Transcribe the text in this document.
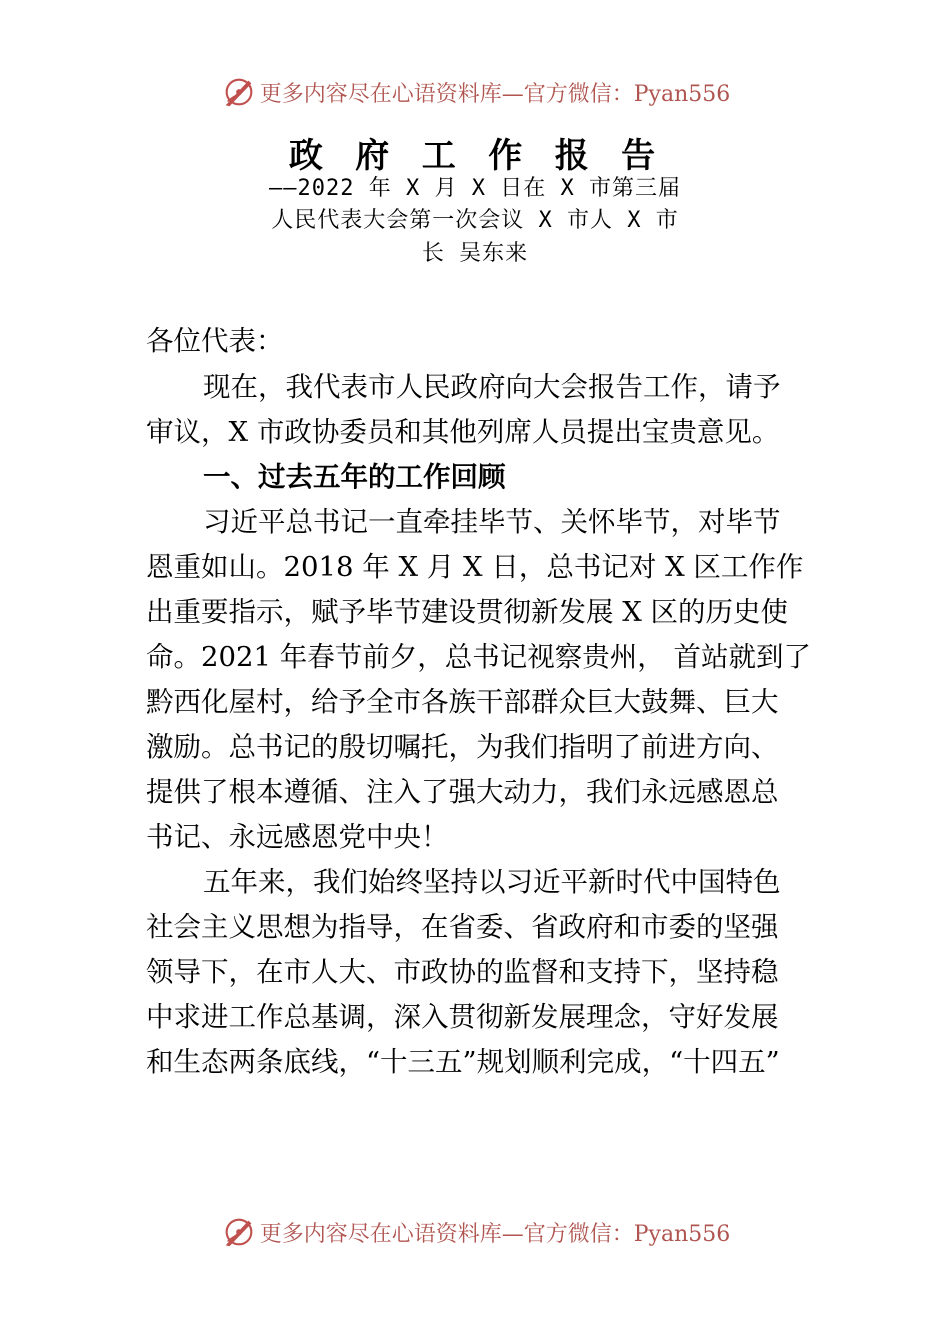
更多内容尽在心语资料库—官方微信：Pyan556
政 府 工 作 报 告
——2022 年 X 月 X 日在 X 市第三届
人民代表大会第一次会议 X 市人 X 市
长 吴东来
各位代表：
现在，我代表市人民政府向大会报告工作，请予
审议，X 市政协委员和其他列席人员提出宝贵意见。
一、过去五年的工作回顾
习近平总书记一直牵挂毕节、关怀毕节，对毕节
恩重如山。2018 年 X 月 X 日，总书记对 X 区工作作
出重要指示，赋予毕节建设贯彻新发展 X 区的历史使
命。2021 年春节前夕，总书记视察贵州， 首站就到了
黔西化屋村，给予全市各族干部群众巨大鼓舞、巨大
激励。总书记的殷切嘱托，为我们指明了前进方向、
提供了根本遵循、注入了强大动力，我们永远感恩总
书记、永远感恩党中央！
五年来，我们始终坚持以习近平新时代中国特色
社会主义思想为指导，在省委、省政府和市委的坚强
领导下，在市人大、市政协的监督和支持下，坚持稳
中求进工作总基调，深入贯彻新发展理念，守好发展
和生态两条底线，“十三五”规划顺利完成，“十四五”
更多内容尽在心语资料库—官方微信：Pyan556
